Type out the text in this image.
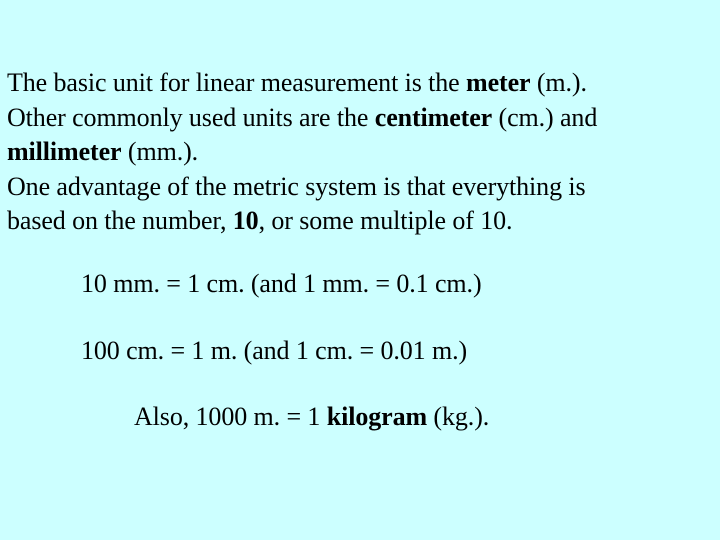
The basic unit for linear measurement is the meter (m.).
Other commonly used units are the centimeter (cm.) and
millimeter (mm.).
One advantage of the metric system is that everything is
based on the number, 10, or some multiple of 10.
10 mm. = 1 cm. (and 1 mm. = 0.1 cm.)
100 cm. = 1 m. (and 1 cm. = 0.01 m.)
Also, 1000 m. = 1 kilogram (kg.).
